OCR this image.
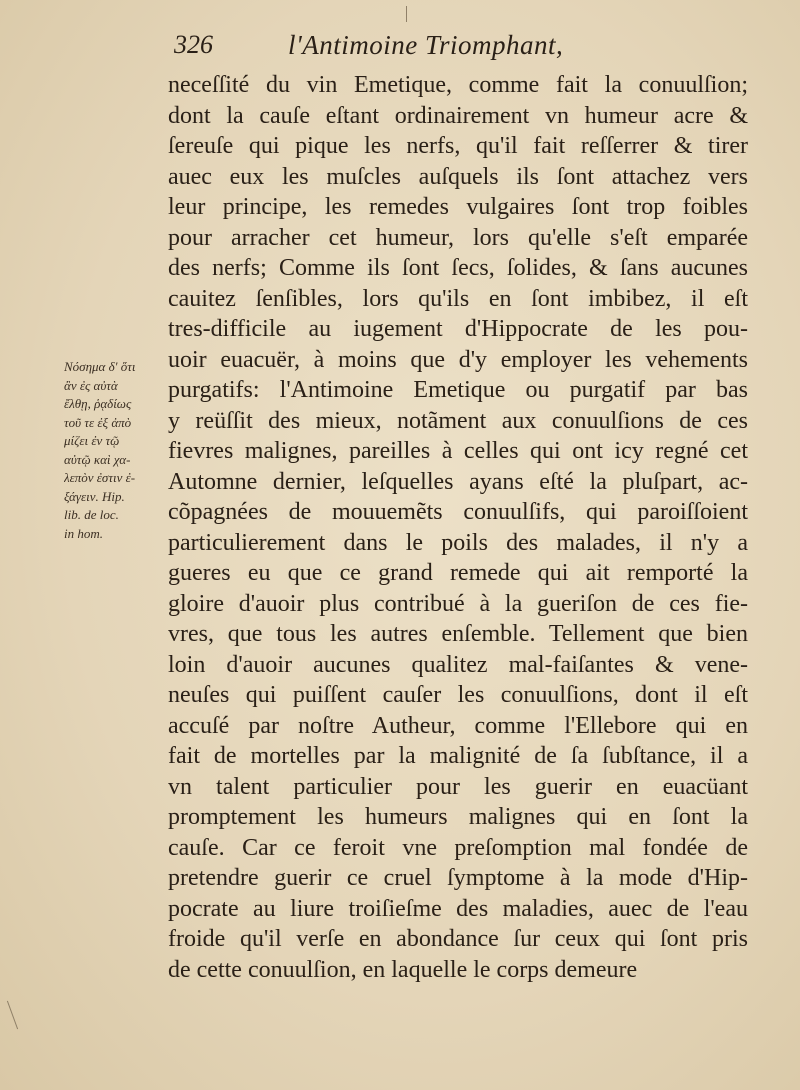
326	l'Antimoine Triomphant,
neceſſité du vin Emetique, comme fait la conuulſion;
dont la cauſe eſtant ordinairement vn humeur acre &
ſereuſe qui pique les nerfs, qu'il fait reſſerrer & tirer
auec eux les muſcles auſquels ils ſont attachez vers
leur principe, les remedes vulgaires ſont trop foibles
pour arracher cet humeur, lors qu'elle s'eſt emparée
des nerfs; Comme ils ſont ſecs, ſolides, & ſans aucunes
cauitez ſenſibles, lors qu'ils en ſont imbibez, il eſt
tres-difficile au iugement d'Hippocrate de les pou-
uoir euacuër, à moins que d'y employer les vehements
purgatifs: l'Antimoine Emetique ou purgatif par bas
y reüſſit des mieux, notãment aux conuulſions de ces
fievres malignes, pareilles à celles qui ont icy regné cet
Automne dernier, leſquelles ayans eſté la pluſpart, ac-
cõpagnées de mouuemẽts conuulſifs, qui paroiſſoient
particulierement dans le poils des malades, il n'y a
gueres eu que ce grand remede qui ait remporté la
gloire d'auoir plus contribué à la gueriſon de ces fie-
vres, que tous les autres enſemble. Tellement que bien
loin d'auoir aucunes qualitez mal-faiſantes & vene-
neuſes qui puiſſent cauſer les conuulſions, dont il eſt
accuſé par noſtre Autheur, comme l'Ellebore qui en
fait de mortelles par la malignité de ſa ſubſtance, il a
vn talent particulier pour les guerir en euacüant
promptement les humeurs malignes qui en ſont la
cauſe. Car ce feroit vne preſomption mal fondée de
pretendre guerir ce cruel ſymptome à la mode d'Hip-
pocrate au liure troiſieſme des maladies, auec de l'eau
froide qu'il verſe en abondance ſur ceux qui ſont pris
de cette conuulſion, en laquelle le corps demeure
Νόσημα δ' ὅτι
ἂν ἐς αὐτὰ
ἔλθῃ, ῥᾳδίως
τοῦ τε ἐξ ἀπὸ
μίζει ἐν τῷ
αὐτῷ καὶ χα-
λεπὸν ἐστιν ἐ-
ξάγειν. Hip.
lib. de loc.
in hom.
